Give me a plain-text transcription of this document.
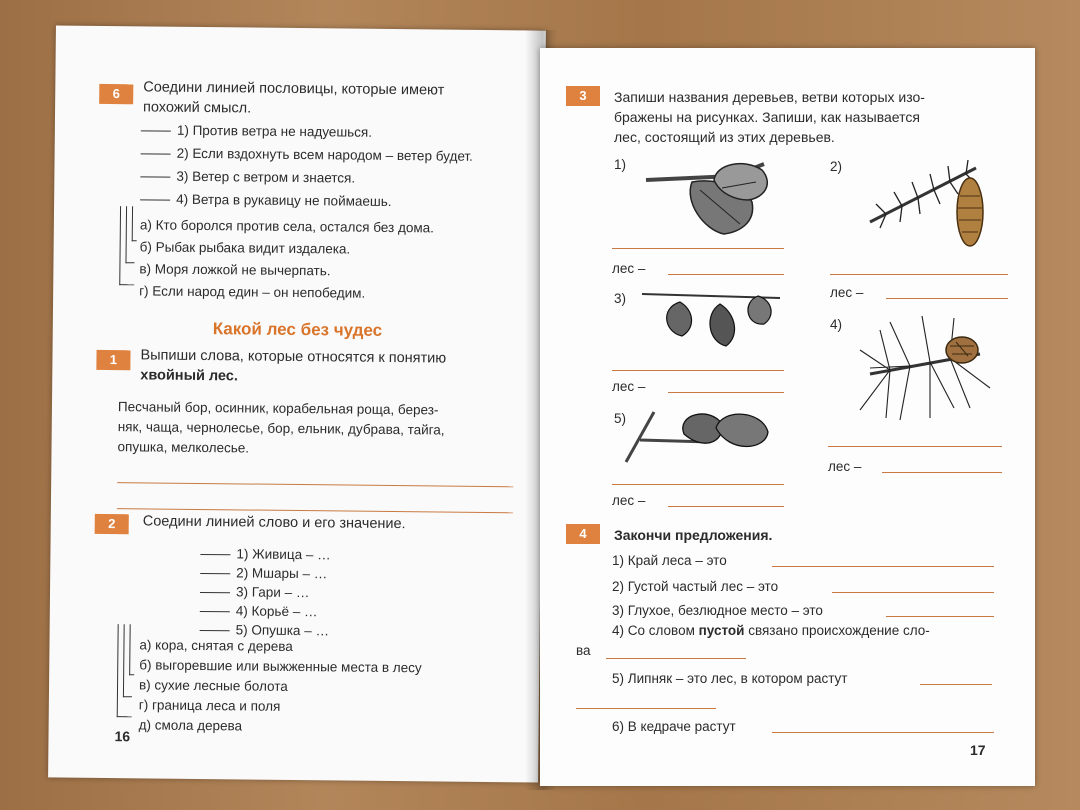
6	Соедини линией пословицы, которые имеют
похожий смысл.
1) Против ветра не надуешься.
2) Если вздохнуть всем народом – ветер будет.
3) Ветер с ветром и знается.
4) Ветра в рукавицу не поймаешь.
а) Кто боролся против села, остался без дома.
б) Рыбак рыбака видит издалека.
в) Моря ложкой не вычерпать.
г) Если народ един – он непобедим.
Какой лес без чудес
1	Выпиши слова, которые относятся к понятию
хвойный лес.
Песчаный бор, осинник, корабельная роща, берез-
няк, чаща, чернолесье, бор, ельник, дубрава, тайга,
опушка, мелколесье.
2	Соедини линией слово и его значение.
1) Живица – …
2) Мшары – …
3) Гари – …
4) Корьё – …
5) Опушка – …
а) кора, снятая с дерева
б) выгоревшие или выжженные места в лесу
в) сухие лесные болота
г) граница леса и поля
д) смола дерева
16
3	Запиши названия деревьев, ветви которых изо-
бражены на рисунках. Запиши, как называется
лес, состоящий из этих деревьев.
1)
лес –
2)
лес –
3)
лес –
4)
лес –
5)
лес –
4	Закончи предложения.
1) Край леса – это
2) Густой частый лес – это
3) Глухое, безлюдное место – это
4) Со словом пустой связано происхождение сло-
ва
5) Липняк – это лес, в котором растут
6) В кедраче растут
17
